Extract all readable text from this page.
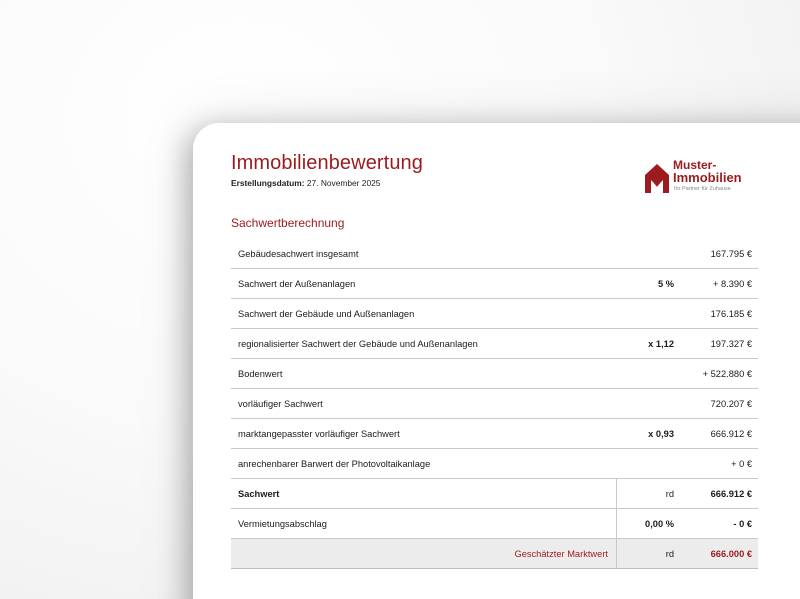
Immobilienbewertung
Erstellungsdatum: 27. November 2025
Muster-
Immobilien
Ihr Partner für Zuhause
Sachwertberechnung
Gebäudesachwert insgesamt		167.795 €
Sachwert der Außenanlagen	5 %	+ 8.390 €
Sachwert der Gebäude und Außenanlagen		176.185 €
regionalisierter Sachwert der Gebäude und Außenanlagen	x 1,12	197.327 €
Bodenwert		+ 522.880 €
vorläufiger Sachwert		720.207 €
marktangepasster vorläufiger Sachwert	x 0,93	666.912 €
anrechenbarer Barwert der Photovoltaikanlage		+ 0 €
Sachwert	rd	666.912 €
Vermietungsabschlag	0,00 %	- 0 €
Geschätzter Marktwert	rd	666.000 €
